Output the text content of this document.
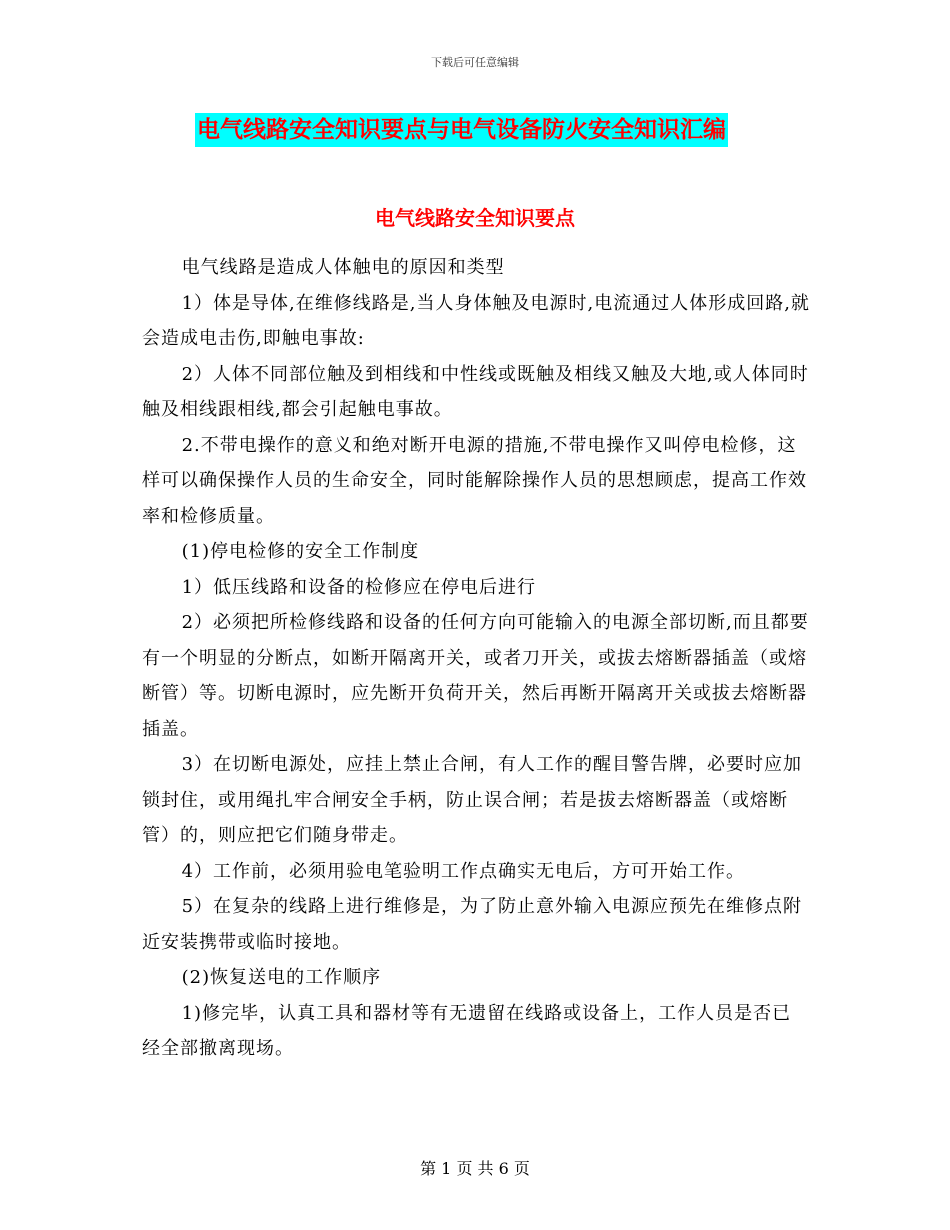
下载后可任意编辑
电气线路安全知识要点与电气设备防火安全知识汇编
电气线路安全知识要点

电气线路是造成人体触电的原因和类型

1）体是导体,在维修线路是,当人身体触及电源时,电流通过人体形成回路,就会造成电击伤,即触电事故:

2）人体不同部位触及到相线和中性线或既触及相线又触及大地,或人体同时触及相线跟相线,都会引起触电事故。

2.不带电操作的意义和绝对断开电源的措施,不带电操作又叫停电检修，这样可以确保操作人员的生命安全，同时能解除操作人员的思想顾虑，提高工作效率和检修质量。

(1)停电检修的安全工作制度

1）低压线路和设备的检修应在停电后进行

2）必须把所检修线路和设备的任何方向可能输入的电源全部切断,而且都要有一个明显的分断点，如断开隔离开关，或者刀开关，或拔去熔断器插盖（或熔断管）等。切断电源时，应先断开负荷开关，然后再断开隔离开关或拔去熔断器插盖。

3）在切断电源处，应挂上禁止合闸，有人工作的醒目警告牌，必要时应加锁封住，或用绳扎牢合闸安全手柄，防止误合闸；若是拔去熔断器盖（或熔断管）的，则应把它们随身带走。

4）工作前，必须用验电笔验明工作点确实无电后，方可开始工作。

5）在复杂的线路上进行维修是，为了防止意外输入电源应预先在维修点附近安装携带或临时接地。

(2)恢复送电的工作顺序

1)修完毕，认真工具和器材等有无遗留在线路或设备上，工作人员是否已经全部撤离现场。

第 1 页 共 6 页
